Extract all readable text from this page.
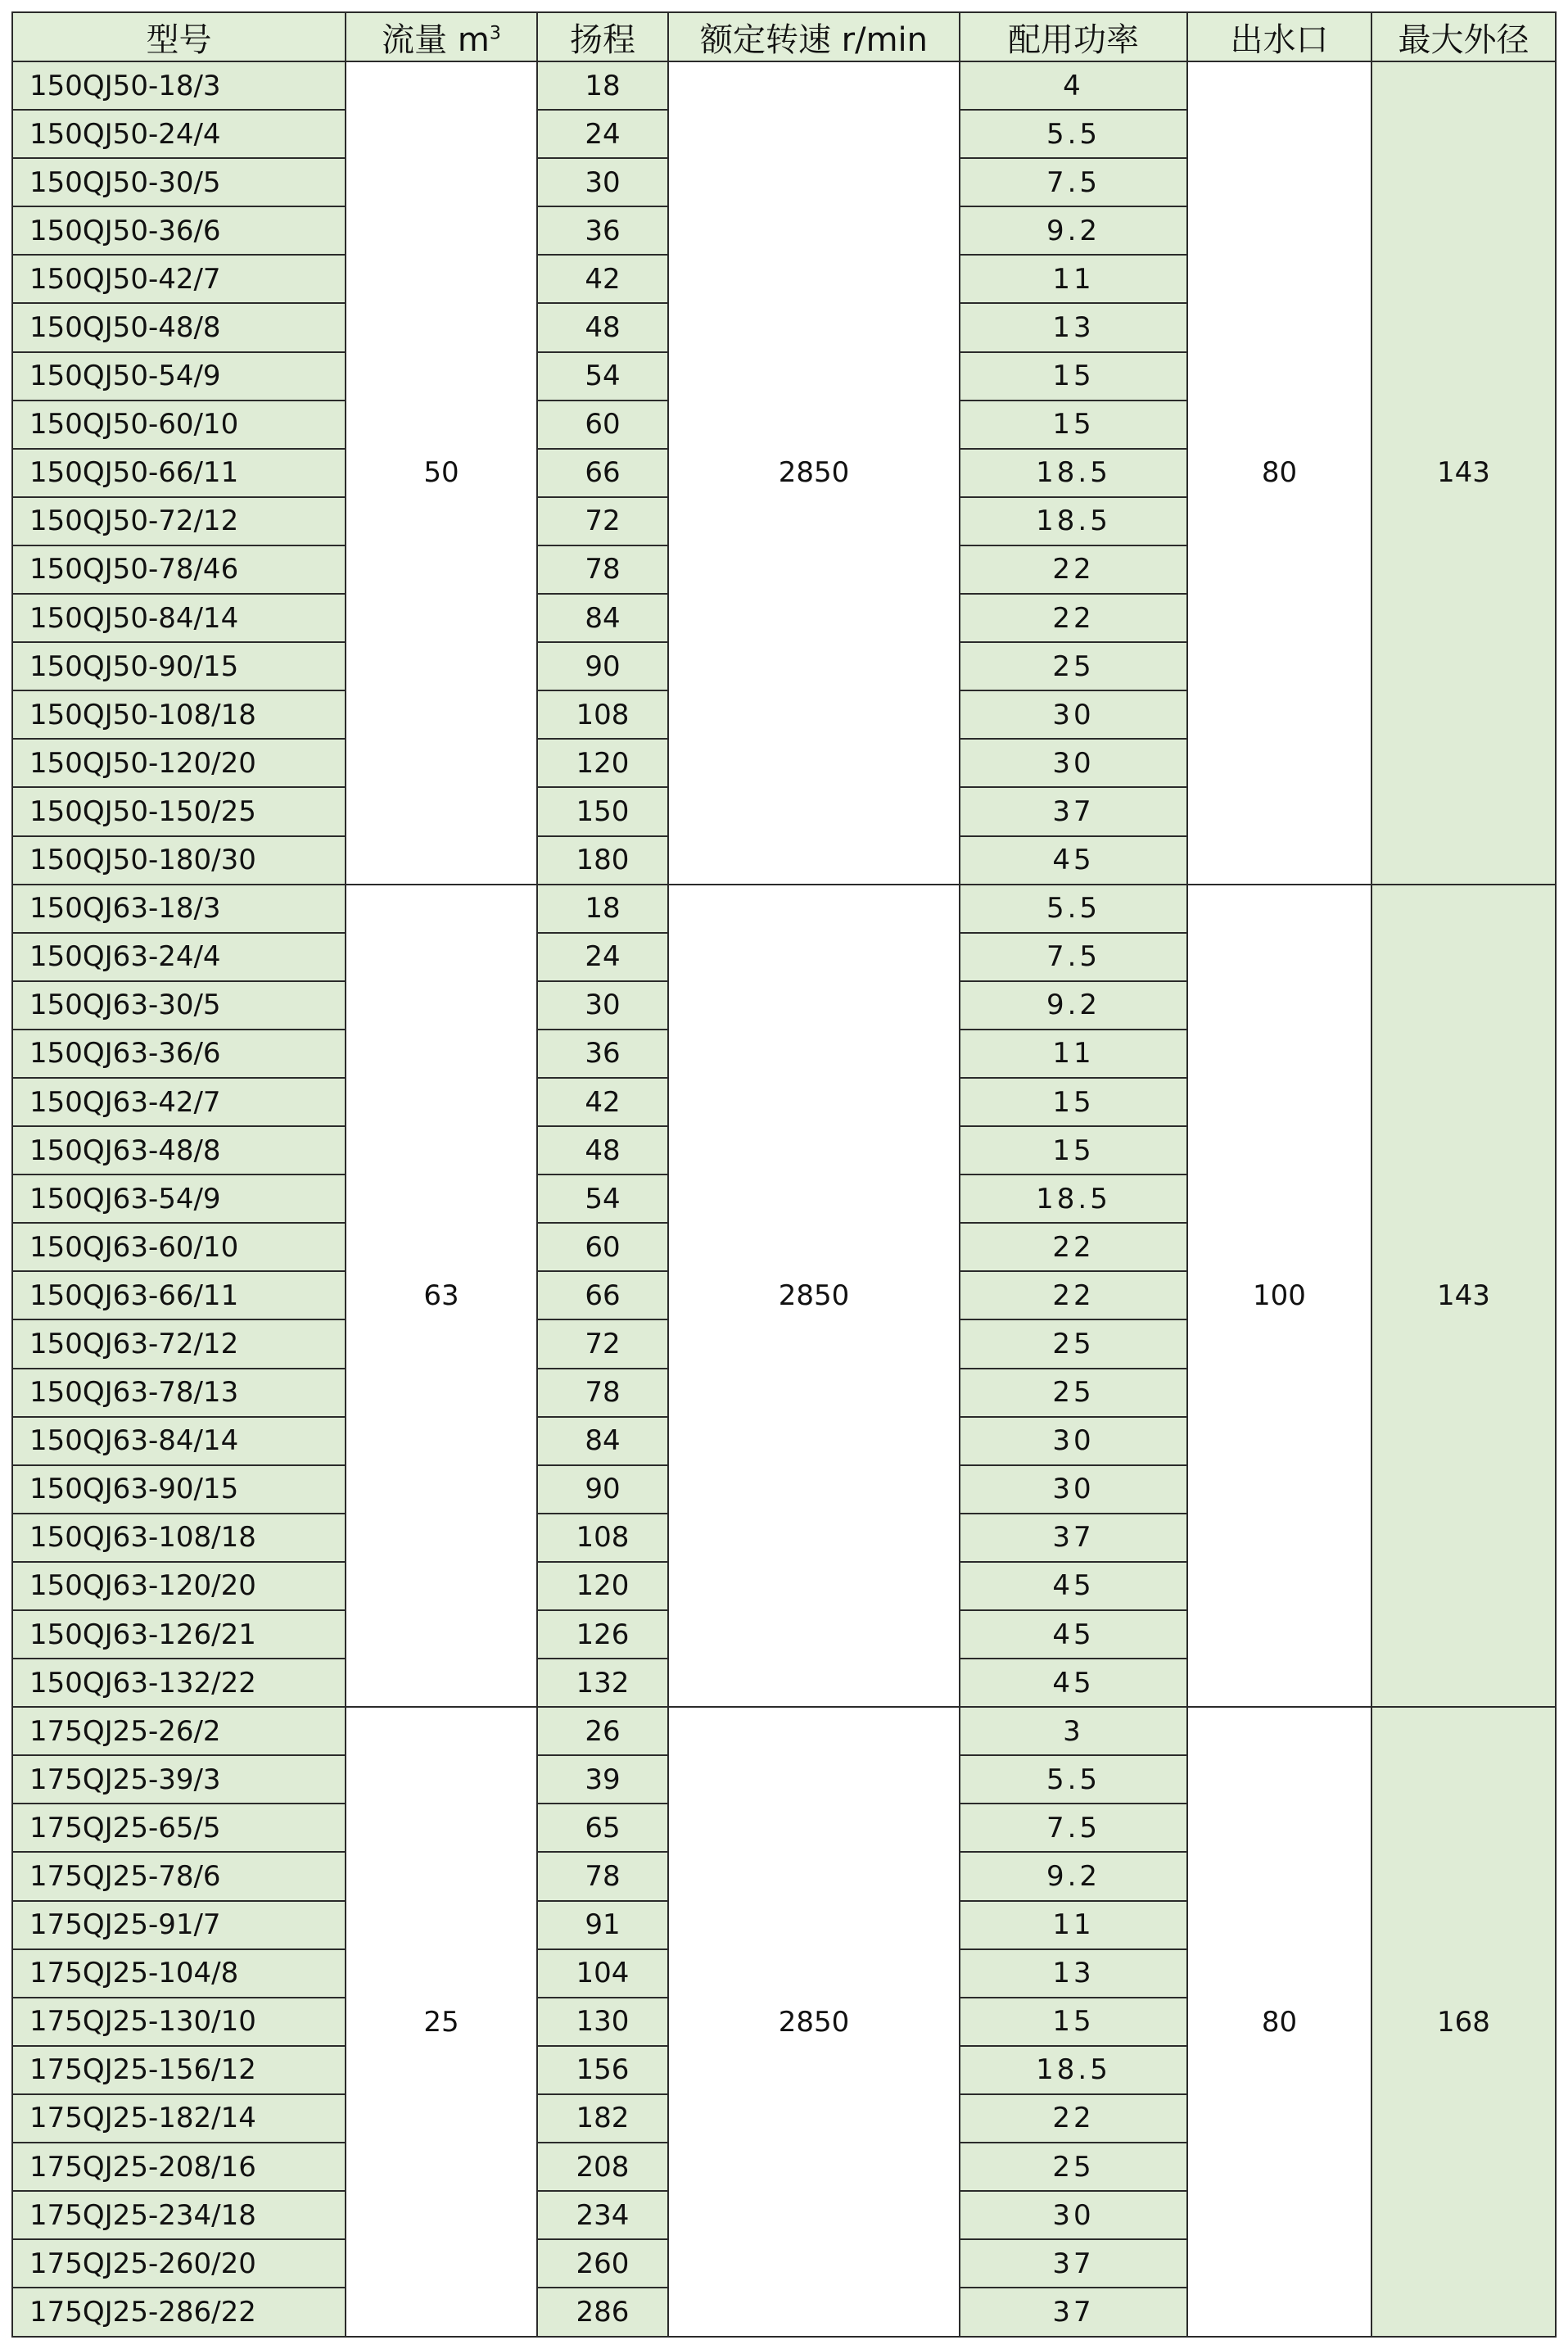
型号	流量 $m^3$	扬程	额定转速 r/min	配用功率	出水口	最大外径
150QJ50-18/3	50	18	2850	4	80	143
150QJ50-24/4		24		5.5		
150QJ50-30/5		30		7.5		
150QJ50-36/6		36		9.2		
150QJ50-42/7		42		11		
150QJ50-48/8		48		13		
150QJ50-54/9		54		15		
150QJ50-60/10		60		15		
150QJ50-66/11		66		18.5		
150QJ50-72/12		72		18.5		
150QJ50-78/46		78		22		
150QJ50-84/14		84		22		
150QJ50-90/15		90		25		
150QJ50-108/18		108		30		
150QJ50-120/20		120		30		
150QJ50-150/25		150		37		
150QJ50-180/30		180		45		
150QJ63-18/3	63	18	2850	5.5	100	143
150QJ63-24/4		24		7.5		
150QJ63-30/5		30		9.2		
150QJ63-36/6		36		11		
150QJ63-42/7		42		15		
150QJ63-48/8		48		15		
150QJ63-54/9		54		18.5		
150QJ63-60/10		60		22		
150QJ63-66/11		66		22		
150QJ63-72/12		72		25		
150QJ63-78/13		78		25		
150QJ63-84/14		84		30		
150QJ63-90/15		90		30		
150QJ63-108/18		108		37		
150QJ63-120/20		120		45		
150QJ63-126/21		126		45		
150QJ63-132/22		132		45		
175QJ25-26/2	25	26	2850	3	80	168
175QJ25-39/3		39		5.5		
175QJ25-65/5		65		7.5		
175QJ25-78/6		78		9.2		
175QJ25-91/7		91		11		
175QJ25-104/8		104		13		
175QJ25-130/10		130		15		
175QJ25-156/12		156		18.5		
175QJ25-182/14		182		22		
175QJ25-208/16		208		25		
175QJ25-234/18		234		30		
175QJ25-260/20		260		37		
175QJ25-286/22		286		37		
